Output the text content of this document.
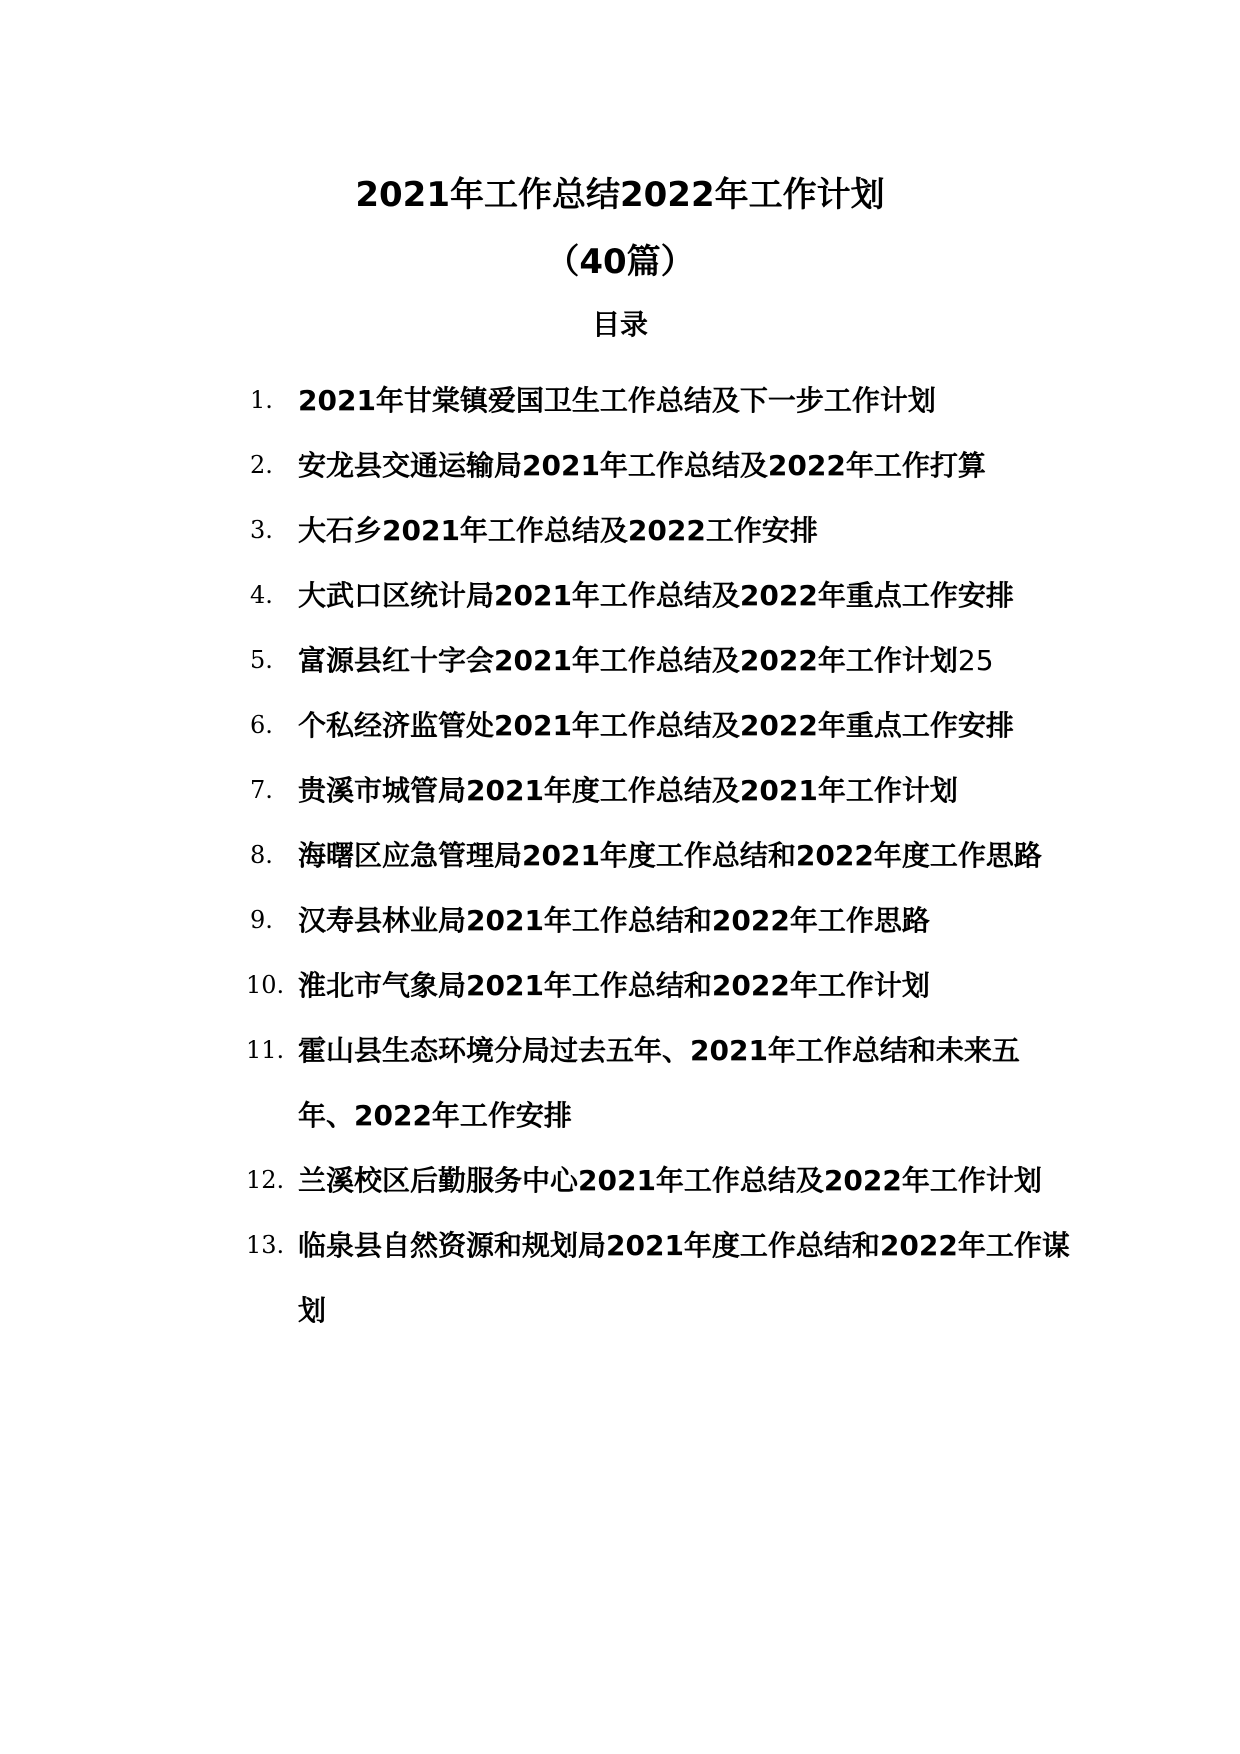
2021年工作总结2022年工作计划
（40篇）
目录
1. 2021年甘棠镇爱国卫生工作总结及下一步工作计划
2. 安龙县交通运输局2021年工作总结及2022年工作打算
3. 大石乡2021年工作总结及2022工作安排
4. 大武口区统计局2021年工作总结及2022年重点工作安排
5. 富源县红十字会2021年工作总结及2022年工作计划25
6. 个私经济监管处2021年工作总结及2022年重点工作安排
7. 贵溪市城管局2021年度工作总结及2021年工作计划
8. 海曙区应急管理局2021年度工作总结和2022年度工作思路
9. 汉寿县林业局2021年工作总结和2022年工作思路
10. 淮北市气象局2021年工作总结和2022年工作计划
11. 霍山县生态环境分局过去五年、2021年工作总结和未来五年、2022年工作安排
12. 兰溪校区后勤服务中心2021年工作总结及2022年工作计划
13. 临泉县自然资源和规划局2021年度工作总结和2022年工作谋划
